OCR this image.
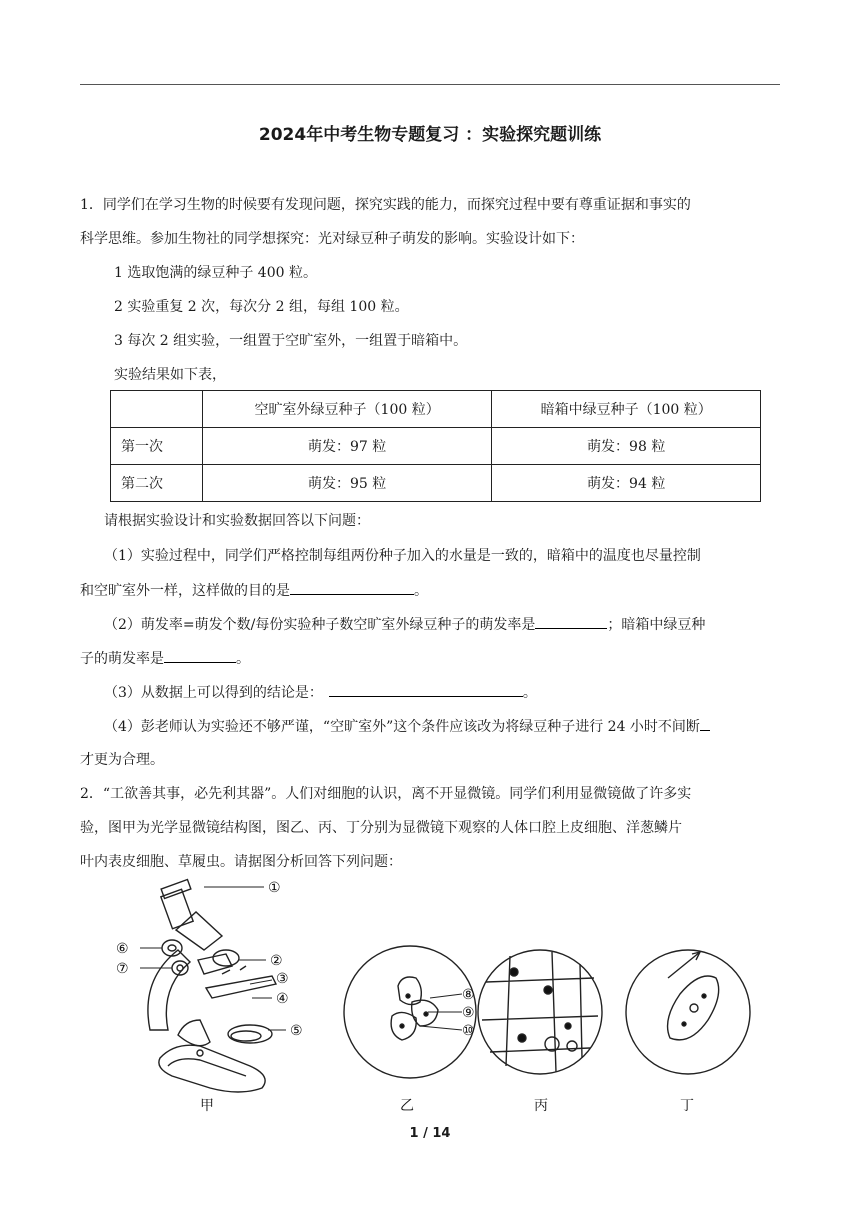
2024年中考生物专题复习 ：实验探究题训练
1．同学们在学习生物的时候要有发现问题，探究实践的能力，而探究过程中要有尊重证据和事实的
科学思维。参加生物社的同学想探究：光对绿豆种子萌发的影响。实验设计如下：
1 选取饱满的绿豆种子 400 粒。
2 实验重复 2 次，每次分 2 组，每组 100 粒。
3 每次 2 组实验，一组置于空旷室外，一组置于暗箱中。
实验结果如下表，
	空旷室外绿豆种子（100 粒）	暗箱中绿豆种子（100 粒）
第一次	萌发：97 粒	萌发：98 粒
第二次	萌发：95 粒	萌发：94 粒
请根据实验设计和实验数据回答以下问题：
（1）实验过程中，同学们严格控制每组两份种子加入的水量是一致的，暗箱中的温度也尽量控制
和空旷室外一样，这样做的目的是	。
（2）萌发率=萌发个数/每份实验种子数空旷室外绿豆种子的萌发率是	；暗箱中绿豆种
子的萌发率是	。
（3）从数据上可以得到的结论是：	。
（4）彭老师认为实验还不够严谨，“空旷室外”这个条件应该改为将绿豆种子进行 24 小时不间断
才更为合理。
2．“工欲善其事，必先利其器”。人们对细胞的认识，离不开显微镜。同学们利用显微镜做了许多实
验，图甲为光学显微镜结构图，图乙、丙、丁分别为显微镜下观察的人体口腔上皮细胞、洋葱鳞片
叶内表皮细胞、草履虫。请据图分析回答下列问题：
①
②
③
④
⑤
⑥
⑦
⑧
⑨
⑩
甲	乙	丙	丁
1 / 14
